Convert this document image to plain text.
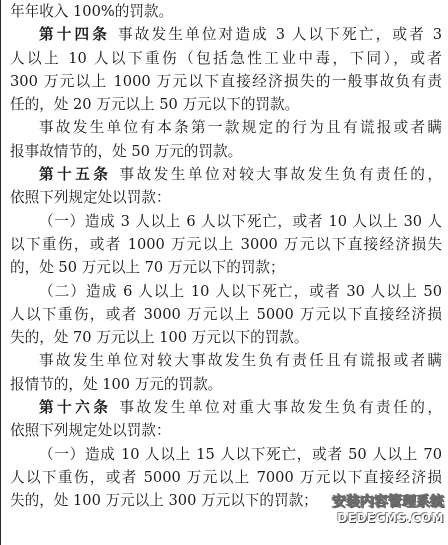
年年收入 100%的罚款。
第十四条 事故发生单位对造成 3 人以下死亡，或者 3
人以上 10 人以下重伤（包括急性工业中毒，下同），或者
300 万元以上 1000 万元以下直接经济损失的一般事故负有责
任的，处 20 万元以上 50 万元以下的罚款。
事故发生单位有本条第一款规定的行为且有谎报或者瞒
报事故情节的，处 50 万元的罚款。
第十五条 事故发生单位对较大事故发生负有责任的，
依照下列规定处以罚款：
（一）造成 3 人以上 6 人以下死亡，或者 10 人以上 30 人
以下重伤，或者 1000 万元以上 3000 万元以下直接经济损失
的，处 50 万元以上 70 万元以下的罚款；
（二）造成 6 人以上 10 人以下死亡，或者 30 人以上 50
人以下重伤，或者 3000 万元以上 5000 万元以下直接经济损
失的，处 70 万元以上 100 万元以下的罚款。
事故发生单位对较大事故发生负有责任且有谎报或者瞒
报情节的，处 100 万元的罚款。
第十六条 事故发生单位对重大事故发生负有责任的，
依照下列规定处以罚款：
（一）造成 10 人以上 15 人以下死亡，或者 50 人以上 70
人以下重伤，或者 5000 万元以上 7000 万元以下直接经济损
失的，处 100 万元以上 300 万元以下的罚款；	安装内容管理系统
DEDECMS.COM
